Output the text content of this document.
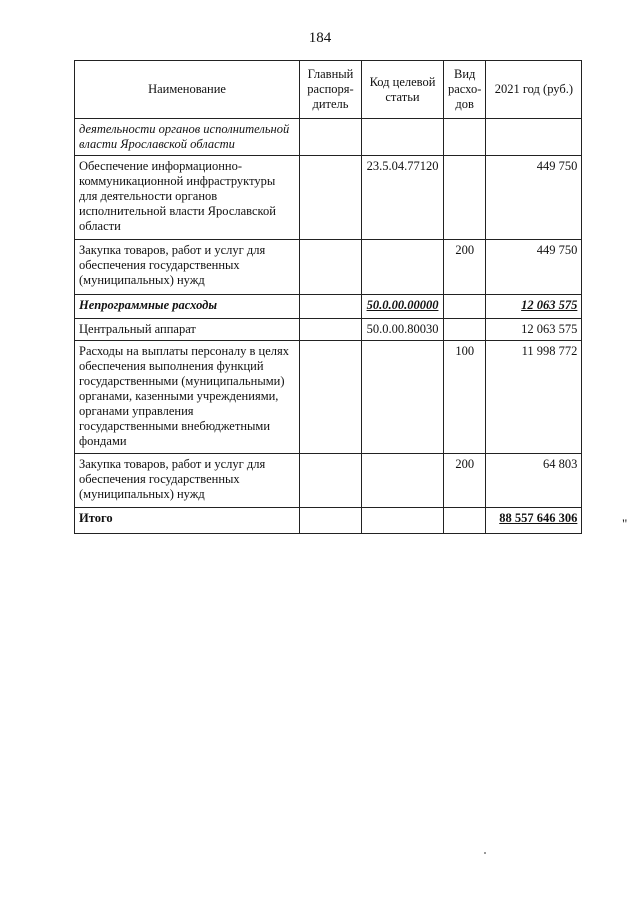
184
Наименование	Главный распоря-дитель	Код целевой статьи	Вид расхо-дов	2021 год (руб.)
деятельности органов исполнительной власти Ярославской области				
Обеспечение информационно-коммуникационной инфраструктуры для деятельности органов исполнительной власти Ярославской области		23.5.04.77120		449 750
Закупка товаров, работ и услуг для обеспечения государственных (муниципальных) нужд			200	449 750
Непрограммные расходы		50.0.00.00000		12 063 575
Центральный аппарат		50.0.00.80030		12 063 575
Расходы на выплаты персоналу в целях обеспечения выполнения функций государственными (муниципальными) органами, казенными учреждениями, органами управления государственными внебюджетными фондами			100	11 998 772
Закупка товаров, работ и услуг для обеспечения государственных (муниципальных) нужд			200	64 803
Итого				88 557 646 306	"
